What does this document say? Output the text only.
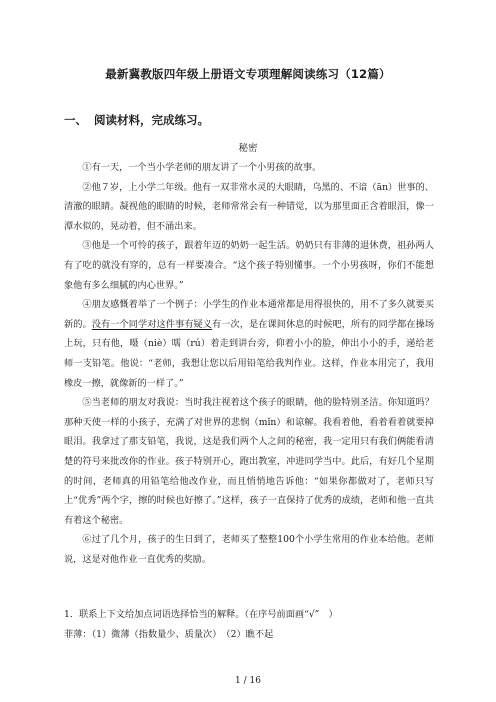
最新冀教版四年级上册语文专项理解阅读练习（12篇）
一、 阅读材料，完成练习。
秘密

①有一天，一个当小学老师的朋友讲了一个小男孩的故事。

②他７岁，上小学二年级。他有一双非常水灵的大眼睛，乌黑的、不谙（ān）世事的、清澈的眼睛。凝视他的眼睛的时候，老师常常会有一种错觉，以为那里面正含着眼泪，像一潭水似的，晃动着，但不涌出来。

③他是一个可怜的孩子，跟着年迈的奶奶一起生活。奶奶只有非薄的退休费，祖孙两人有了吃的就没有穿的，总有一样要凑合。“这个孩子特别懂事。一个小男孩呀，你们不能想象他有多么细腻的内心世界。”

④朋友感慨着举了一个例子：小学生的作业本通常都是用得很快的，用不了多久就要买新的。没有一个同学对这件事有疑义有一次，是在课间休息的时候吧，所有的同学都在操场上玩，只有他，嗫（niè）嚅（rú）着走到讲台旁，仰着小小的脸，伸出小小的手，递给老师一支铅笔。他说：“老师，我想让您以后用铅笔给我判作业。这样，作业本用完了，我用橡皮一擦，就像新的一样了。”

⑤当老师的朋友对我说：当时我注视着这个孩子的眼睛，他的脸特别圣洁。你知道吗？那种天使一样的小孩子，充满了对世界的悲悯（mǐn）和谅解。我看着他，看着看着就要掉眼泪。我拿过了那支铅笔，我说，这是我们两个人之间的秘密，我一定用只有我们俩能看清楚的符号来批改你的作业。孩子特别开心，跑出教室，冲进同学当中。此后，有好几个星期的时间，老师真的用铅笔给他改作业，而且悄悄地告诉他：“如果你都做对了，老师只写上“优秀”两个字，擦的时候也好擦了。”这样，孩子一直保持了优秀的成绩，老师和他一直共有着这个秘密。

⑥过了几个月，孩子的生日到了，老师买了整整100个小学生常用的作业本给他。老师说，这是对他作业一直优秀的奖励。

1．联系上下文给加点词语选择恰当的解释。（在序号前面画“√”　）
菲薄：（1）微薄（指数量少、质量次）　（2）瞧不起
1 / 16
